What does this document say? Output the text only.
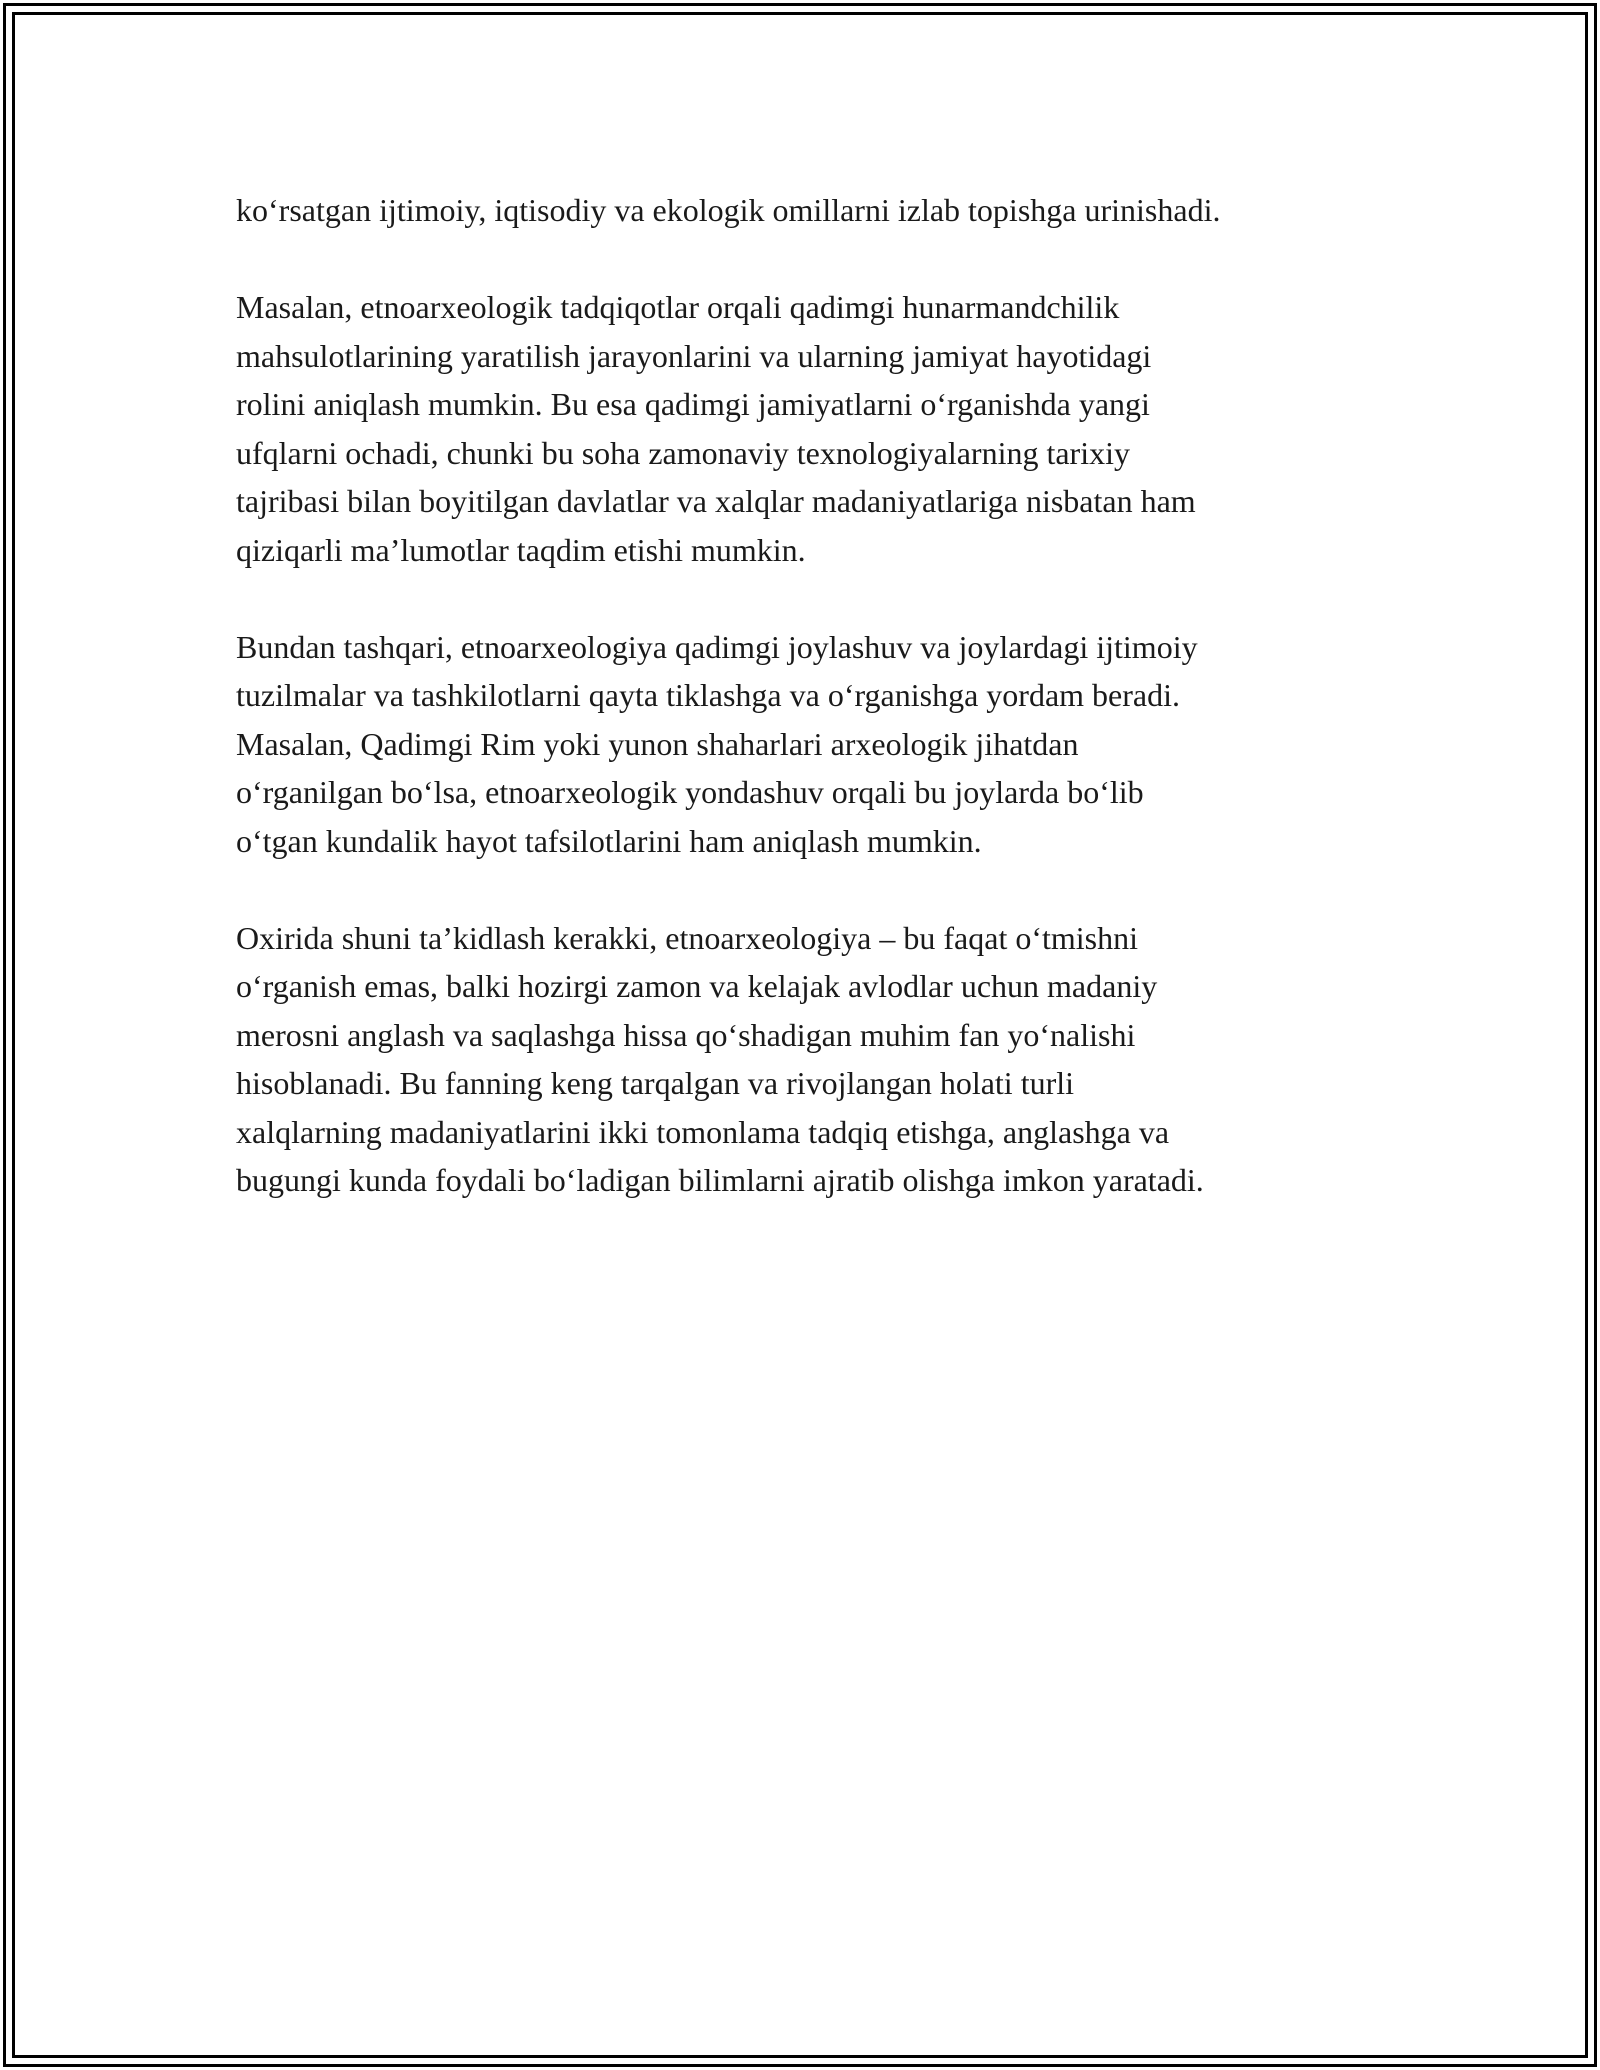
ko‘rsatgan ijtimoiy, iqtisodiy va ekologik omillarni izlab topishga urinishadi.
Masalan, etnoarxeologik tadqiqotlar orqali qadimgi hunarmandchilik
mahsulotlarining yaratilish jarayonlarini va ularning jamiyat hayotidagi
rolini aniqlash mumkin. Bu esa qadimgi jamiyatlarni o‘rganishda yangi
ufqlarni ochadi, chunki bu soha zamonaviy texnologiyalarning tarixiy
tajribasi bilan boyitilgan davlatlar va xalqlar madaniyatlariga nisbatan ham
qiziqarli ma’lumotlar taqdim etishi mumkin.
Bundan tashqari, etnoarxeologiya qadimgi joylashuv va joylardagi ijtimoiy
tuzilmalar va tashkilotlarni qayta tiklashga va o‘rganishga yordam beradi.
Masalan, Qadimgi Rim yoki yunon shaharlari arxeologik jihatdan
o‘rganilgan bo‘lsa, etnoarxeologik yondashuv orqali bu joylarda bo‘lib
o‘tgan kundalik hayot tafsilotlarini ham aniqlash mumkin.
Oxirida shuni ta’kidlash kerakki, etnoarxeologiya – bu faqat o‘tmishni
o‘rganish emas, balki hozirgi zamon va kelajak avlodlar uchun madaniy
merosni anglash va saqlashga hissa qo‘shadigan muhim fan yo‘nalishi
hisoblanadi. Bu fanning keng tarqalgan va rivojlangan holati turli
xalqlarning madaniyatlarini ikki tomonlama tadqiq etishga, anglashga va
bugungi kunda foydali bo‘ladigan bilimlarni ajratib olishga imkon yaratadi.
